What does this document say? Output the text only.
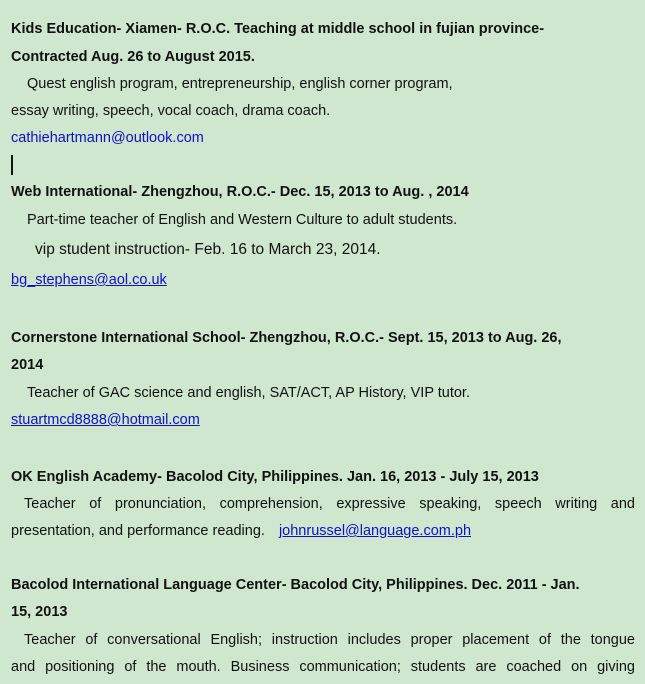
Kids Education- Xiamen- R.O.C. Teaching at middle school in fujian province-
Contracted Aug. 26 to August 2015.
Quest english program, entrepreneurship, english corner program,
essay writing, speech, vocal coach, drama coach.
cathiehartmann@outlook.com
Web International- Zhengzhou, R.O.C.- Dec. 15, 2013 to Aug. , 2014
Part-time teacher of English and Western Culture to adult students.
vip student instruction- Feb. 16 to March 23, 2014.
bg_stephens@aol.co.uk
Cornerstone International School- Zhengzhou, R.O.C.- Sept. 15, 2013 to Aug. 26,
2014
Teacher of GAC science and english, SAT/ACT, AP History, VIP tutor.
stuartmcd8888@hotmail.com
OK English Academy- Bacolod City, Philippines. Jan. 16, 2013 - July 15, 2013
Teacher of pronunciation, comprehension, expressive speaking, speech writing and
presentation, and performance reading. johnrussel@language.com.ph
Bacolod International Language Center- Bacolod City, Philippines. Dec. 2011 - Jan.
15, 2013
Teacher of conversational English; instruction includes proper placement of the tongue
and positioning of the mouth. Business communication; students are coached on giving
